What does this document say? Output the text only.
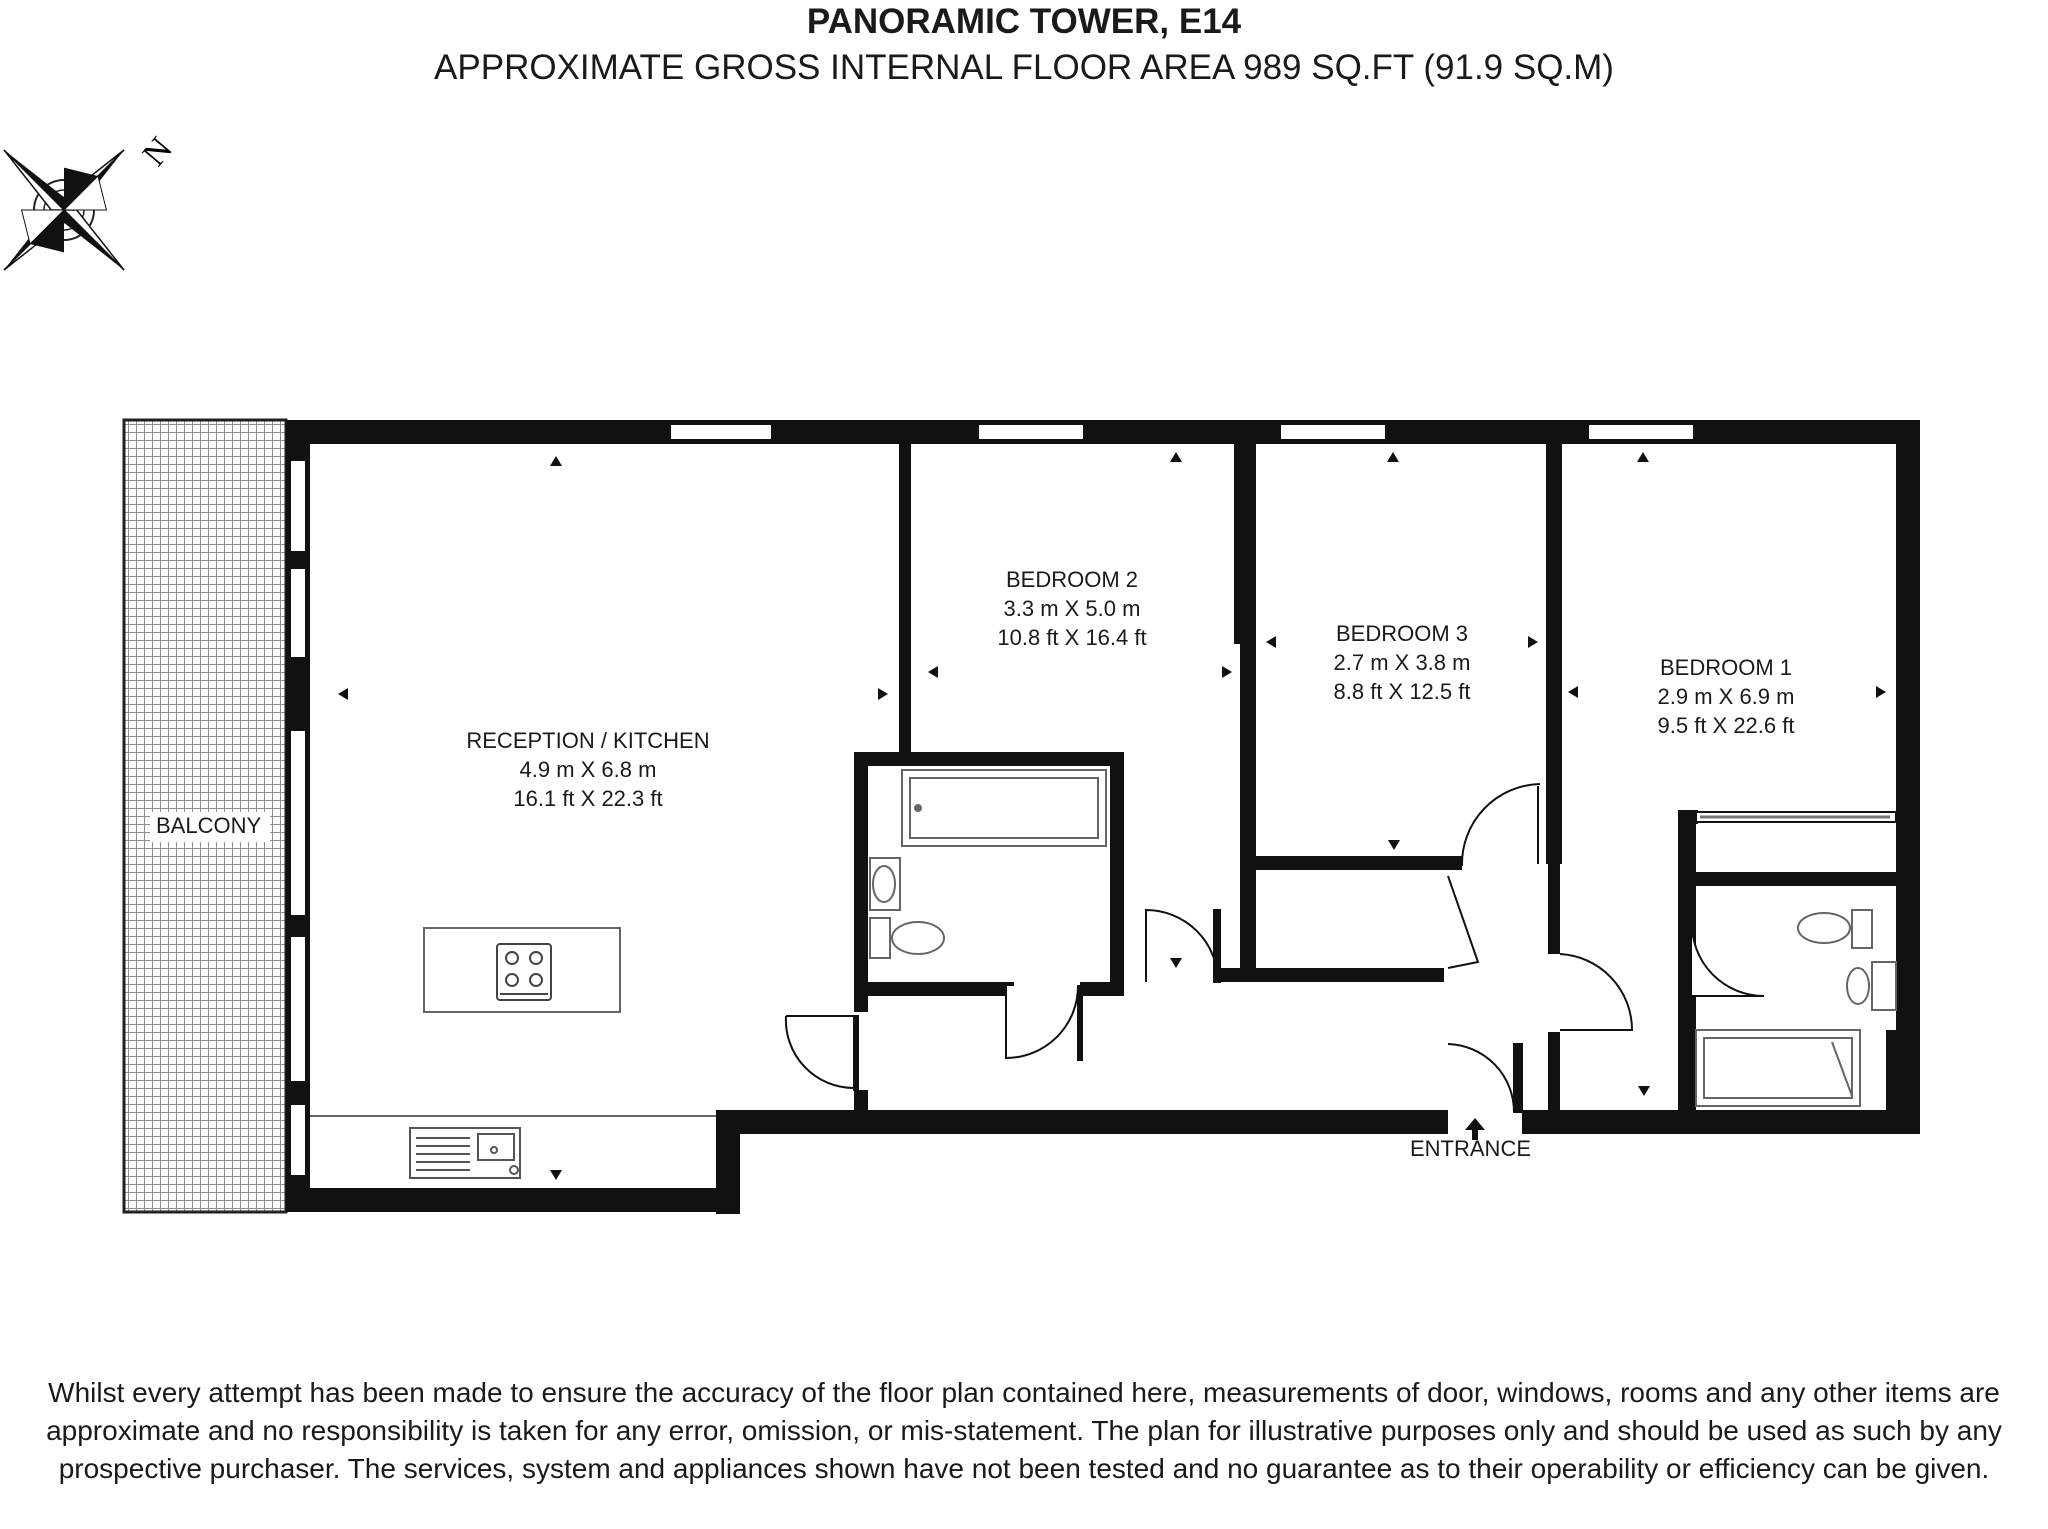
PANORAMIC TOWER, E14
APPROXIMATE GROSS INTERNAL FLOOR AREA 989 SQ.FT (91.9 SQ.M)
N
RECEPTION / KITCHEN
4.9 m X 6.8 m
16.1 ft X 22.3 ft
BEDROOM 2
3.3 m X 5.0 m
10.8 ft X 16.4 ft	BEDROOM 3
2.7 m X 3.8 m
8.8 ft X 12.5 ft
BEDROOM 1
2.9 m X 6.9 m
9.5 ft X 22.6 ft
BALCONY
ENTRANCE
Whilst every attempt has been made to ensure the accuracy of the floor plan contained here, measurements of door, windows, rooms and any other items are approximate and no responsibility is taken for any error, omission, or mis-statement. The plan for illustrative purposes only and should be used as such by any prospective purchaser. The services, system and appliances shown have not been tested and no guarantee as to their operability or efficiency can be given.
